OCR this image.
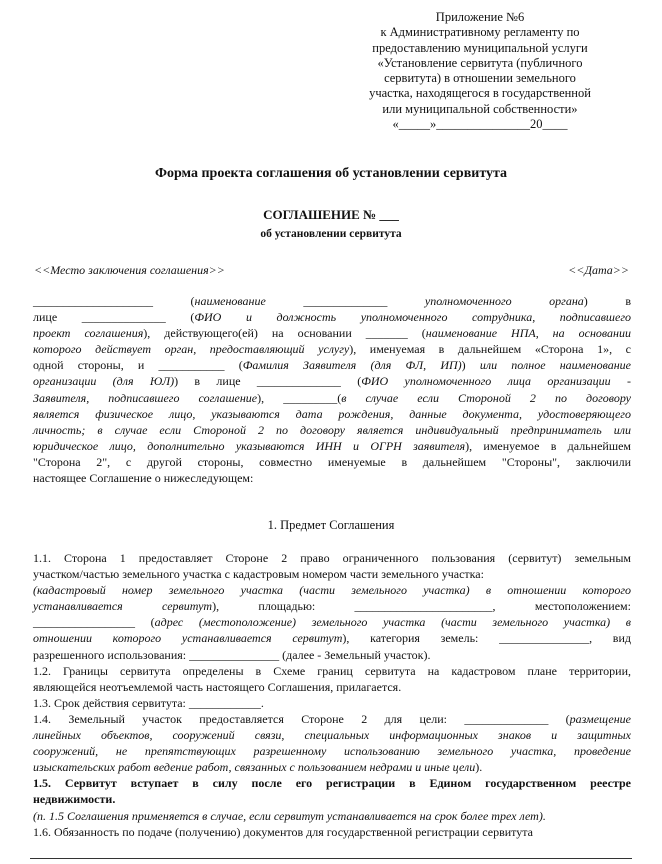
Приложение №6
к Административному регламенту по
предоставлению муниципальной услуги
«Установление сервитута (публичного
сервитута) в отношении земельного
участка, находящегося в государственной
или муниципальной собственности»
«_____»_______________20____
Форма проекта соглашения об установлении сервитута
СОГЛАШЕНИЕ № ___
об установлении сервитута
<<Место заключения соглашения>>	<<Дата>>
____________________ (наименование ______________ уполномоченного органа) в
лице ______________ (ФИО и должность уполномоченного сотрудника, подписавшего
проект соглашения), действующего(ей) на основании _______ (наименование НПА, на основании
которого действует орган, предоставляющий услугу), именуемая в дальнейшем «Сторона 1», с
одной стороны, и ___________ (Фамилия Заявителя (для ФЛ, ИП)) или полное наименование
организации (для ЮЛ)) в лице ______________ (ФИО уполномоченного лица организации -
Заявителя, подписавшего соглашение), _________(в случае если Стороной 2 по договору
является физическое лицо, указываются дата рождения, данные документа, удостоверяющего
личность; в случае если Стороной 2 по договору является индивидуальный предприниматель или
юридическое лицо, дополнительно указываются ИНН и ОГРН заявителя), именуемое в дальнейшем
"Сторона 2", с другой стороны, совместно именуемые в дальнейшем "Стороны", заключили
настоящее Соглашение о нижеследующем:
1. Предмет Соглашения
1.1. Сторона 1 предоставляет Стороне 2 право ограниченного пользования (сервитут) земельным
участком/частью земельного участка с кадастровым номером части земельного участка:
(кадастровый номер земельного участка (части земельного участка) в отношении которого
устанавливается сервитут), площадью: _______________________, местоположением:
_________________ (адрес (местоположение) земельного участка (части земельного участка) в
отношении которого устанавливается сервитут), категория земель: _______________, вид
разрешенного использования: _______________ (далее - Земельный участок).
1.2. Границы сервитута определены в Схеме границ сервитута на кадастровом плане территории,
являющейся неотъемлемой часть настоящего Соглашения, прилагается.
1.3. Срок действия сервитута: ____________.
1.4. Земельный участок предоставляется Стороне 2 для цели: ______________ (размещение
линейных объектов, сооружений связи, специальных информационных знаков и защитных
сооружений, не препятствующих разрешенному использованию земельного участка, проведение
изыскательских работ ведение работ, связанных с пользованием недрами и иные цели).
1.5. Сервитут вступает в силу после его регистрации в Едином государственном реестре
недвижимости.
(п. 1.5 Соглашения применяется в случае, если сервитут устанавливается на срок более трех лет).
1.6. Обязанность по подаче (получению) документов для государственной регистрации сервитута
